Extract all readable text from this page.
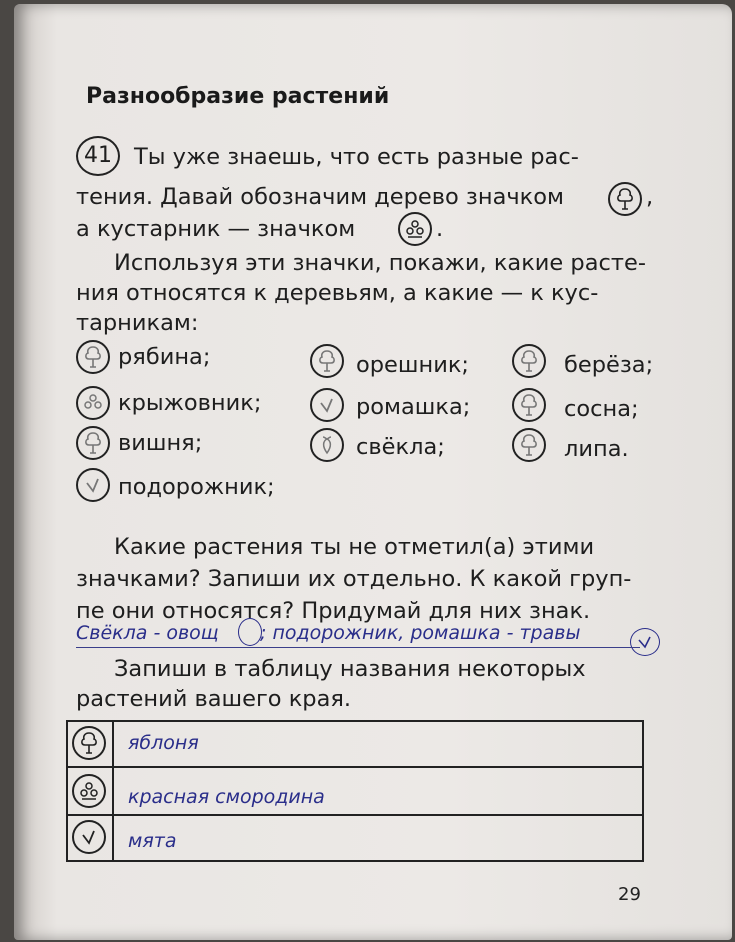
Разнообразие растений
41 Ты уже знаешь, что есть разные рас-
тения. Давай обозначим дерево значком	,
а кустарник — значком	.
Используя эти значки, покажи, какие расте-
ния относятся к деревьям, а какие — к кус-
тарникам:
рябина;
крыжовник;
вишня;
подорожник;
орешник;
ромашка;
свёкла;
берёза;
сосна;
липа.
Какие растения ты не отметил(а) этими
значками? Запиши их отдельно. К какой груп-
пе они относятся? Придумай для них знак.
Свёкла - овощ ; подорожник, ромашка - травы
Запиши в таблицу названия некоторых
растений вашего края.
яблоня
красная смородина
мята
29
